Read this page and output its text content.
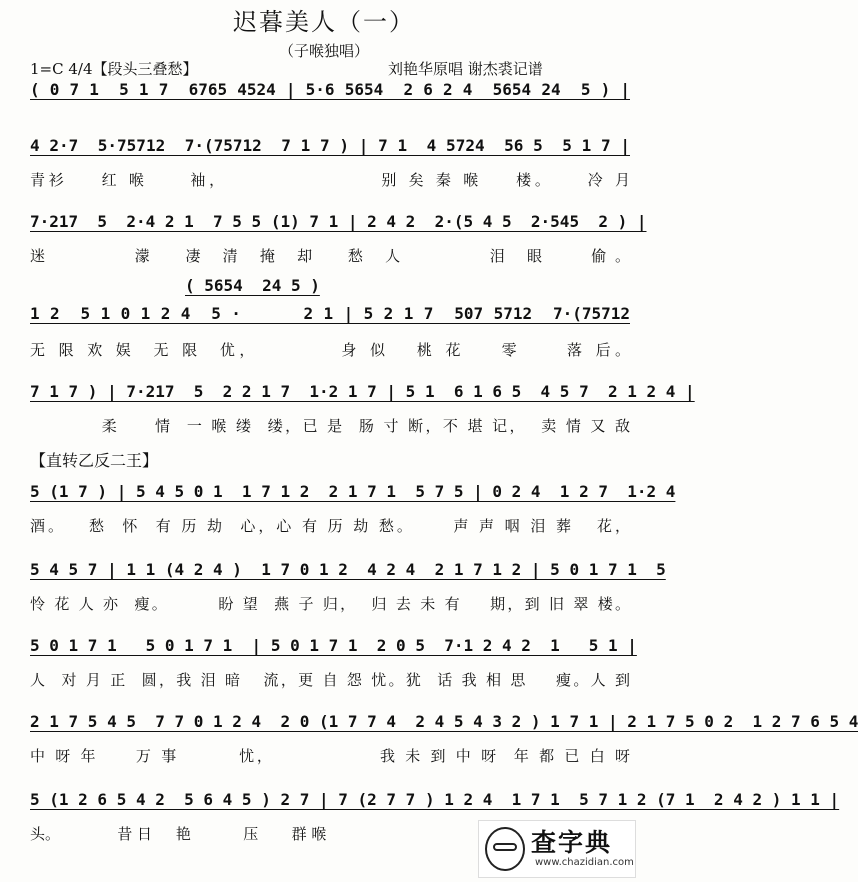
迟暮美人（一）

（子喉独唱）

1=C 4/4【段头三叠愁】	刘艳华原唱 谢杰裘记谱

( 0 7 1  5 1 7  6765 4524 | 5·6 5654  2 6 2 4  5654 24  5 ) |

4 2·7  5·75712  7·(75712  7 1 7 ) | 7 1  4 5724  56 5  5 1 7 |

青衫    红 喉     袖，                  别 矣 秦 喉    楼。    冷 月

7·217  5  2·4 2 1  7 5 5 (1) 7 1 | 2 4 2  2·(5 4 5  2·545  2 ) |

迷      濛  凄 清 掩 却  愁 人      泪 眼   偷。

( 5654  24 5 )

1 2  5 1 0 1 2 4  5 ·      2 1 | 5 2 1 7  507 5712  7·(75712

无 限 欢 娱  无 限  优，         身 似   桃 花    零     落 后。

7 1 7 ) | 7·217  5  2 2 1 7  1·2 1 7 | 5 1  6 1 6 5  4 5 7  2 1 2 4 |

柔     情  一 喉 缕  缕，已 是  肠 寸 断，不 堪 记，  卖 情 又 敌

【直转乙反二王】

5 (1 7 ) | 5 4 5 0 1  1 7 1 2  2 1 7 1  5 7 5 | 0 2 4  1 2 7  1·2 4

酒。   愁  怀  有 历 劫  心，心 有 历 劫 愁。     声 声 咽 泪 葬   花，

5 4 5 7 | 1 1 (4 2 4 )  1 7 0 1 2  4 2 4  2 1 7 1 2 | 5 0 1 7 1  5

怜 花 人 亦  瘦。       盼 望  燕 子 归，  归 去 未 有    期，到 旧 翠 楼。

5 0 1 7 1   5 0 1 7 1  | 5 0 1 7 1  2 0 5  7·1 2 4 2  1   5 1 |

人  对 月 正  圆，我 泪 暗   流，更 自 怨 忧。犹  话 我 相 思    瘦。人 到

2 1 7 5 4 5  7 7 0 1 2 4  2 0 (1 7 7 4  2 4 5 4 3 2 ) 1 7 1 | 2 1 7 5 0 2  1 2 7 6 5 4

中 呀 年     万 事        忧，              我 未 到 中 呀  年 都 已 白 呀

5 (1 2 6 5 4 2  5 6 4 5 ) 2 7 | 7 (2 7 7 ) 1 2 4  1 7 1  5 7 1 2 (7 1  2 4 2 ) 1 1 |

头。            昔 日     艳           压       群 喉	查字典
www.chazidian.com
